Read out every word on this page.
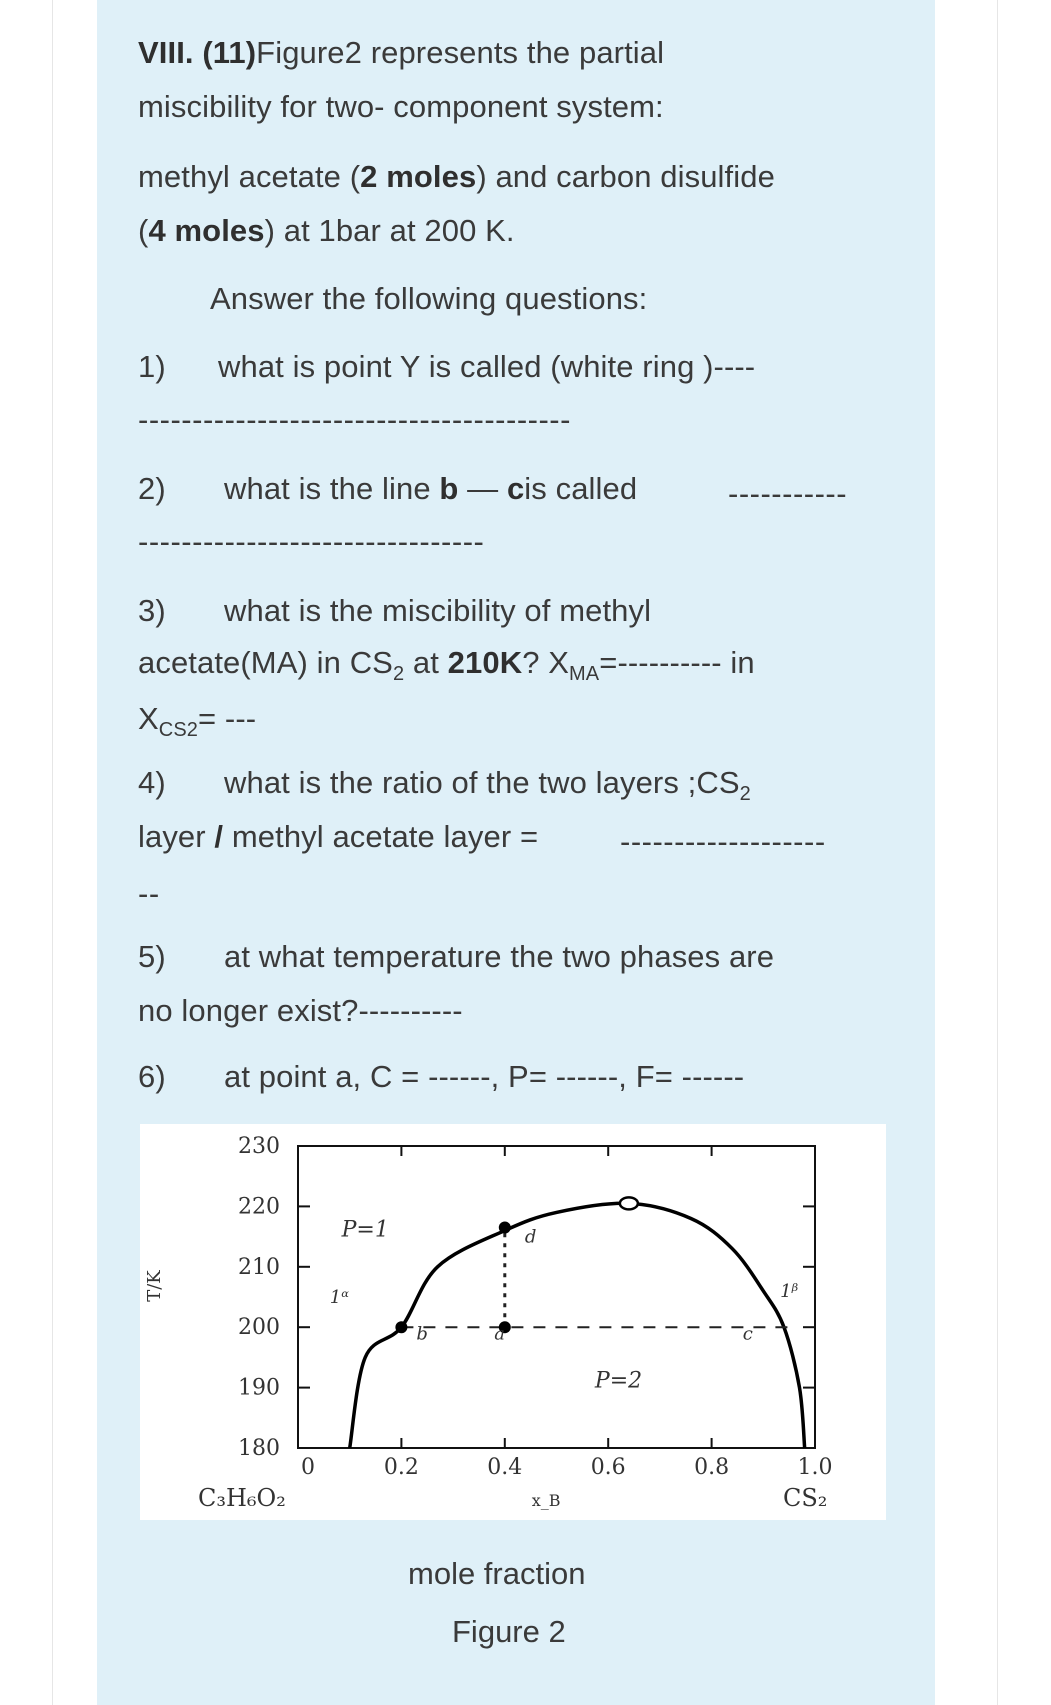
VIII. (11)Figure2 represents the partial
miscibility for two- component system:
methyl acetate (2 moles) and carbon disulfide
(4 moles) at 1bar at 200 K.
Answer the following questions:
1) what is point Y is called (white ring )----
----------------------------------------
2) what is the line b — cis called	-----------
--------------------------------
3) what is the miscibility of methyl
acetate(MA) in $CS_2$ at 210K? $X_{MA}=----------$ in
$X_{CS2}=$ ---
4) what is the ratio of the two layers $;CS_2$
layer / methyl acetate layer =	-------------------
--
5) at what temperature the two phases are
no longer exist?----------
6) at point a, C = ------, P= ------, F= ------
180
190
200
210
220
230
0	0.2	0.4	0.6	0.8	1.0
P=1
P=2
1ᵅ	1ᵝ
d
a
b	c
T/K
C₃H₆O₂	CS₂
x_B
mole fraction
Figure 2
